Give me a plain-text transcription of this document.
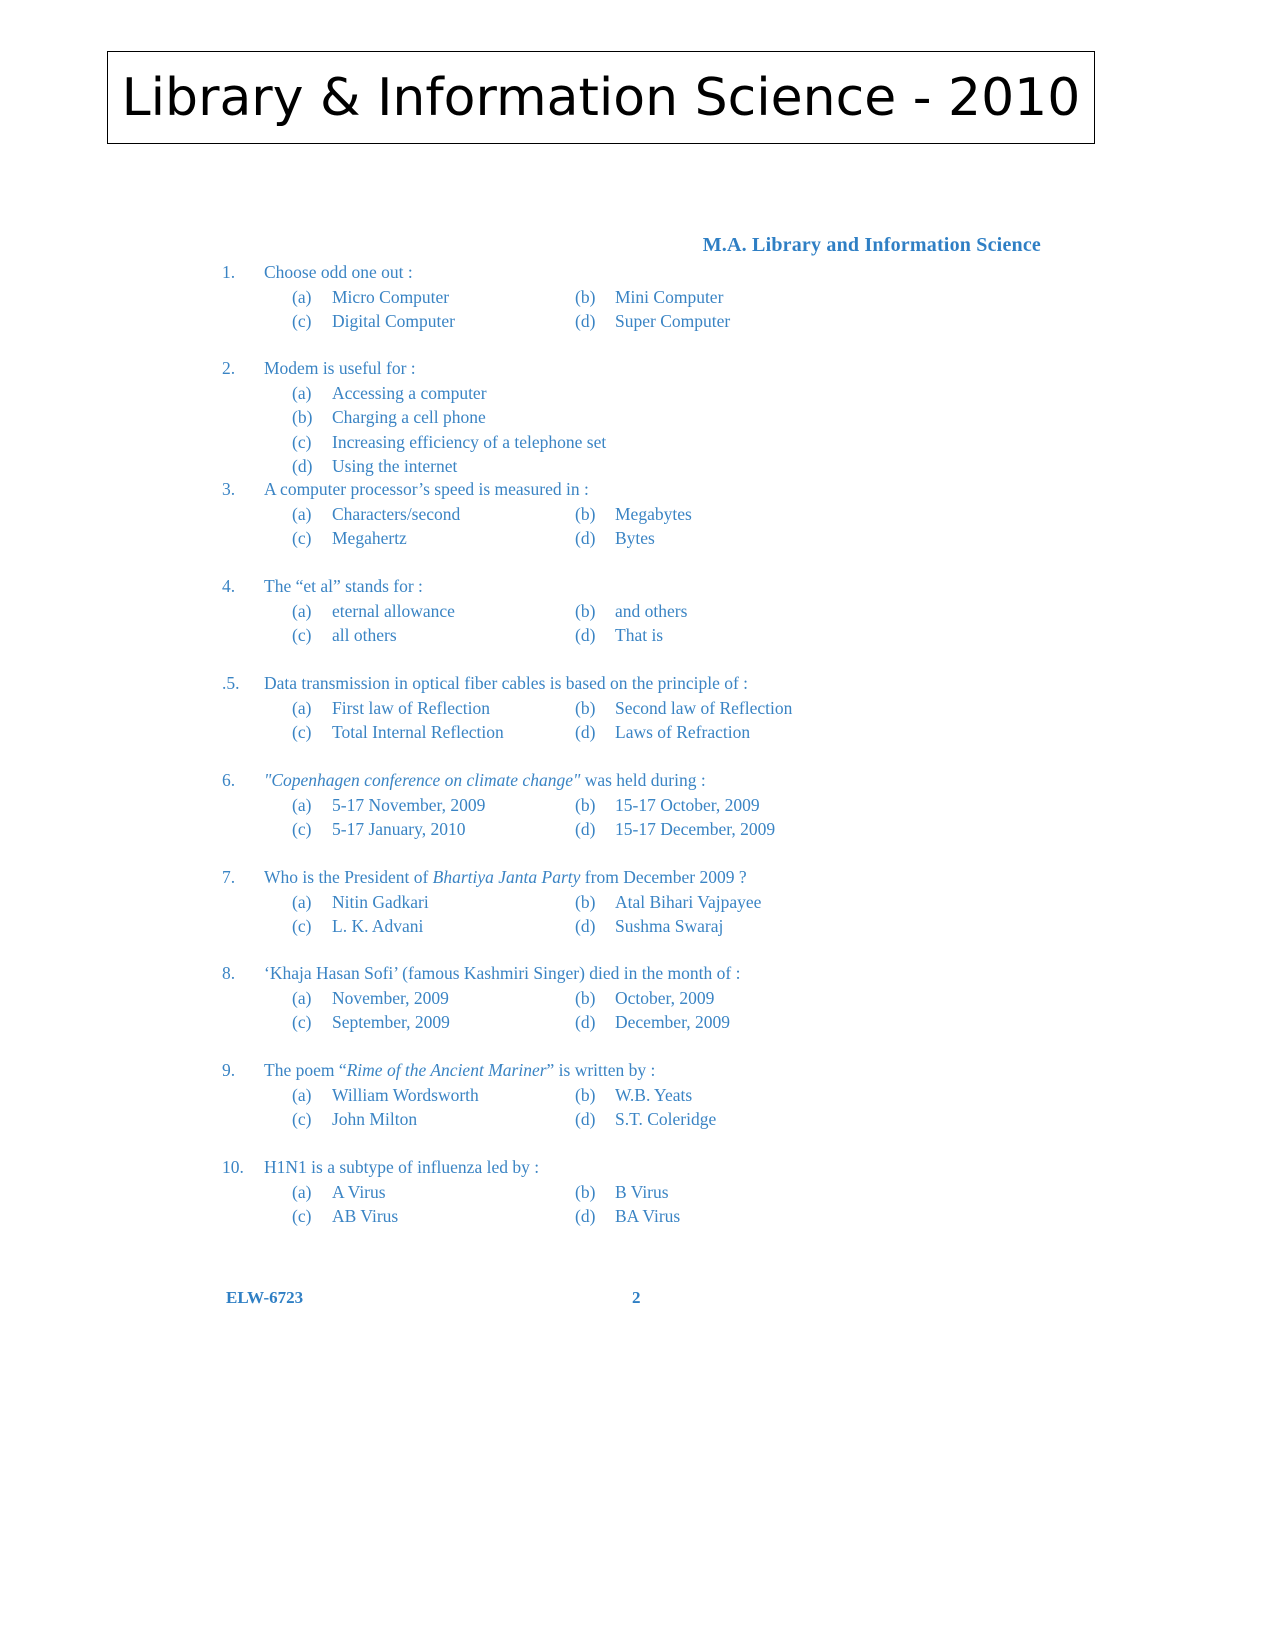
Library & Information Science - 2010
M.A. Library and Information Science
1.	Choose odd one out :
(a) Micro Computer	(b) Mini Computer
(c) Digital Computer	(d) Super Computer
2.	Modem is useful for :
(a) Accessing a computer
(b) Charging a cell phone
(c) Increasing efficiency of a telephone set
(d) Using the internet
3.	A computer processor’s speed is measured in :
(a) Characters/second	(b) Megabytes
(c) Megahertz	(d) Bytes
4.	The “et al” stands for :
(a) eternal allowance	(b) and others
(c) all others	(d) That is
.5.	Data transmission in optical fiber cables is based on the principle of :
(a) First law of Reflection	(b) Second law of Reflection
(c) Total Internal Reflection	(d) Laws of Refraction
6.	"Copenhagen conference on climate change" was held during :
(a) 5-17 November, 2009	(b) 15-17 October, 2009
(c) 5-17 January, 2010	(d) 15-17 December, 2009
7.	Who is the President of Bhartiya Janta Party from December 2009 ?
(a) Nitin Gadkari	(b) Atal Bihari Vajpayee
(c) L. K. Advani	(d) Sushma Swaraj
8.	‘Khaja Hasan Sofi’ (famous Kashmiri Singer) died in the month of :
(a) November, 2009	(b) October, 2009
(c) September, 2009	(d) December, 2009
9.	The poem “Rime of the Ancient Mariner” is written by :
(a) William Wordsworth	(b) W.B. Yeats
(c) John Milton	(d) S.T. Coleridge
10.	H1N1 is a subtype of influenza led by :
(a) A Virus	(b) B Virus
(c) AB Virus	(d) BA Virus
ELW-6723	2
